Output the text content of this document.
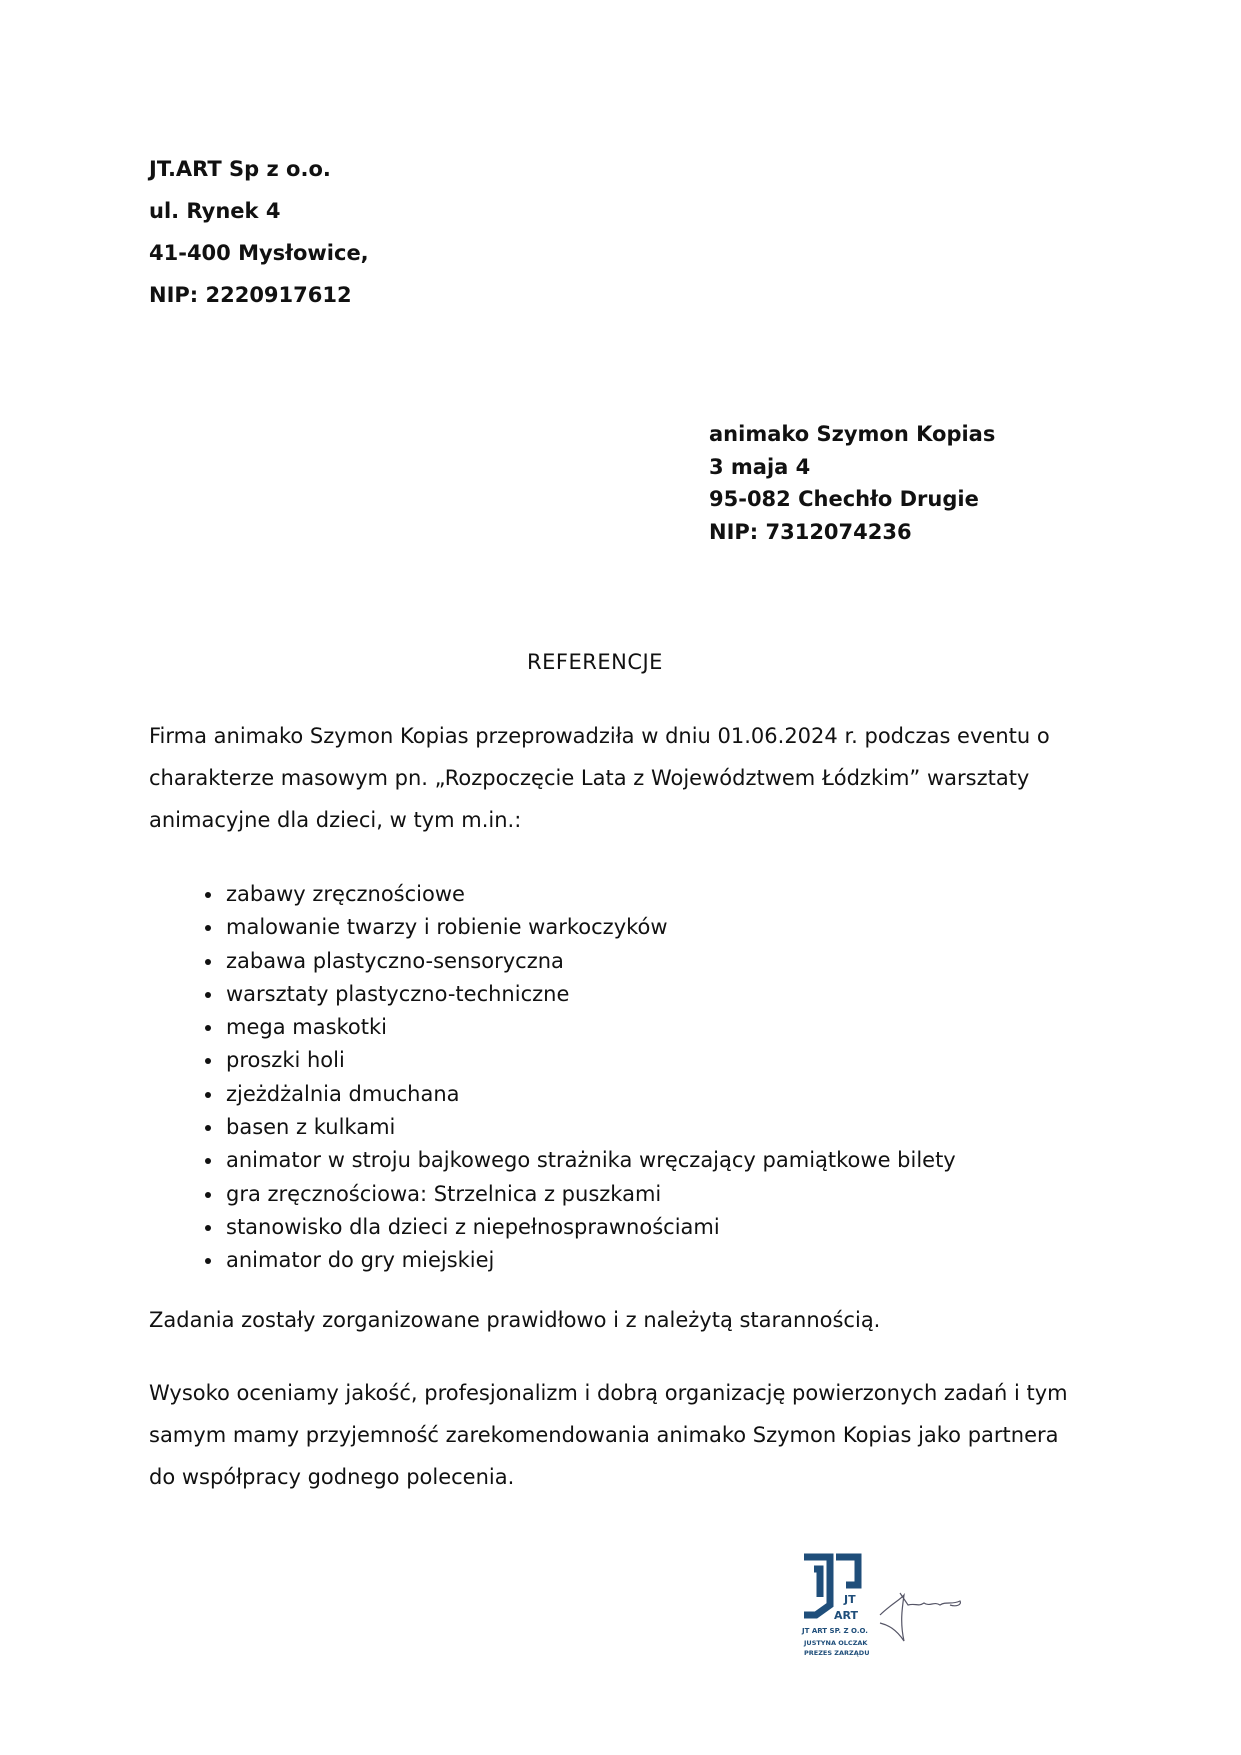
JT.ART Sp z o.o.
ul. Rynek 4
41-400 Mysłowice,
NIP: 2220917612
animako Szymon Kopias
3 maja 4
95-082 Chechło Drugie
NIP: 7312074236
REFERENCJE
Firma animako Szymon Kopias przeprowadziła w dniu 01.06.2024 r. podczas eventu o charakterze masowym pn. „Rozpoczęcie Lata z Województwem Łódzkim” warsztaty animacyjne dla dzieci, w tym m.in.:
• zabawy zręcznościowe
• malowanie twarzy i robienie warkoczyków
• zabawa plastyczno-sensoryczna
• warsztaty plastyczno-techniczne
• mega maskotki
• proszki holi
• zjeżdżalnia dmuchana
• basen z kulkami
• animator w stroju bajkowego strażnika wręczający pamiątkowe bilety
• gra zręcznościowa: Strzelnica z puszkami
• stanowisko dla dzieci z niepełnosprawnościami
• animator do gry miejskiej
Zadania zostały zorganizowane prawidłowo i z należytą starannością.
Wysoko oceniamy jakość, profesjonalizm i dobrą organizację powierzonych zadań i tym samym mamy przyjemność zarekomendowania animako Szymon Kopias jako partnera do współpracy godnego polecenia.
JT
ART
JT ART SP. Z O.O.
JUSTYNA OLCZAK
PREZES ZARZĄDU
